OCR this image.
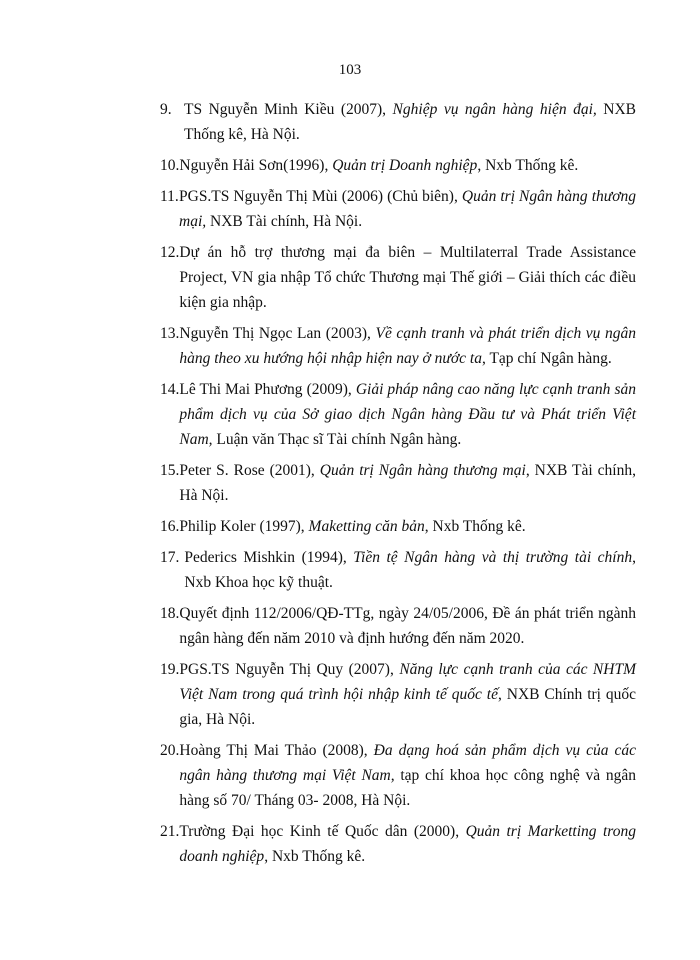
103
9. TS Nguyễn Minh Kiều (2007), Nghiệp vụ ngân hàng hiện đại, NXB Thống kê, Hà Nội.
10. Nguyễn Hải Sơn(1996), Quản trị Doanh nghiệp, Nxb Thống kê.
11. PGS.TS Nguyễn Thị Mùi (2006) (Chủ biên), Quản trị Ngân hàng thương mại, NXB Tài chính, Hà Nội.
12. Dự án hỗ trợ thương mại đa biên – Multilaterral Trade Assistance Project, VN gia nhập Tổ chức Thương mại Thế giới – Giải thích các điều kiện gia nhập.
13. Nguyễn Thị Ngọc Lan (2003), Về cạnh tranh và phát triển dịch vụ ngân hàng theo xu hướng hội nhập hiện nay ở nước ta, Tạp chí Ngân hàng.
14. Lê Thi Mai Phương (2009), Giải pháp nâng cao năng lực cạnh tranh sản phẩm dịch vụ của Sở giao dịch Ngân hàng Đầu tư và Phát triển Việt Nam, Luận văn Thạc sĩ Tài chính Ngân hàng.
15. Peter S. Rose (2001), Quản trị Ngân hàng thương mại, NXB Tài chính, Hà Nội.
16. Philip Koler (1997), Maketting căn bản, Nxb Thống kê.
17. Pederics Mishkin (1994), Tiền tệ Ngân hàng và thị trường tài chính, Nxb Khoa học kỹ thuật.
18. Quyết định 112/2006/QĐ-TTg, ngày 24/05/2006, Đề án phát triển ngành ngân hàng đến năm 2010 và định hướng đến năm 2020.
19. PGS.TS Nguyễn Thị Quy (2007), Năng lực cạnh tranh của các NHTM Việt Nam trong quá trình hội nhập kinh tế quốc tế, NXB Chính trị quốc gia, Hà Nội.
20. Hoàng Thị Mai Thảo (2008), Đa dạng hoá sản phẩm dịch vụ của các ngân hàng thương mại Việt Nam, tạp chí khoa học công nghệ và ngân hàng số 70/ Tháng 03- 2008, Hà Nội.
21. Trường Đại học Kinh tế Quốc dân (2000), Quản trị Marketting trong doanh nghiệp, Nxb Thống kê.
